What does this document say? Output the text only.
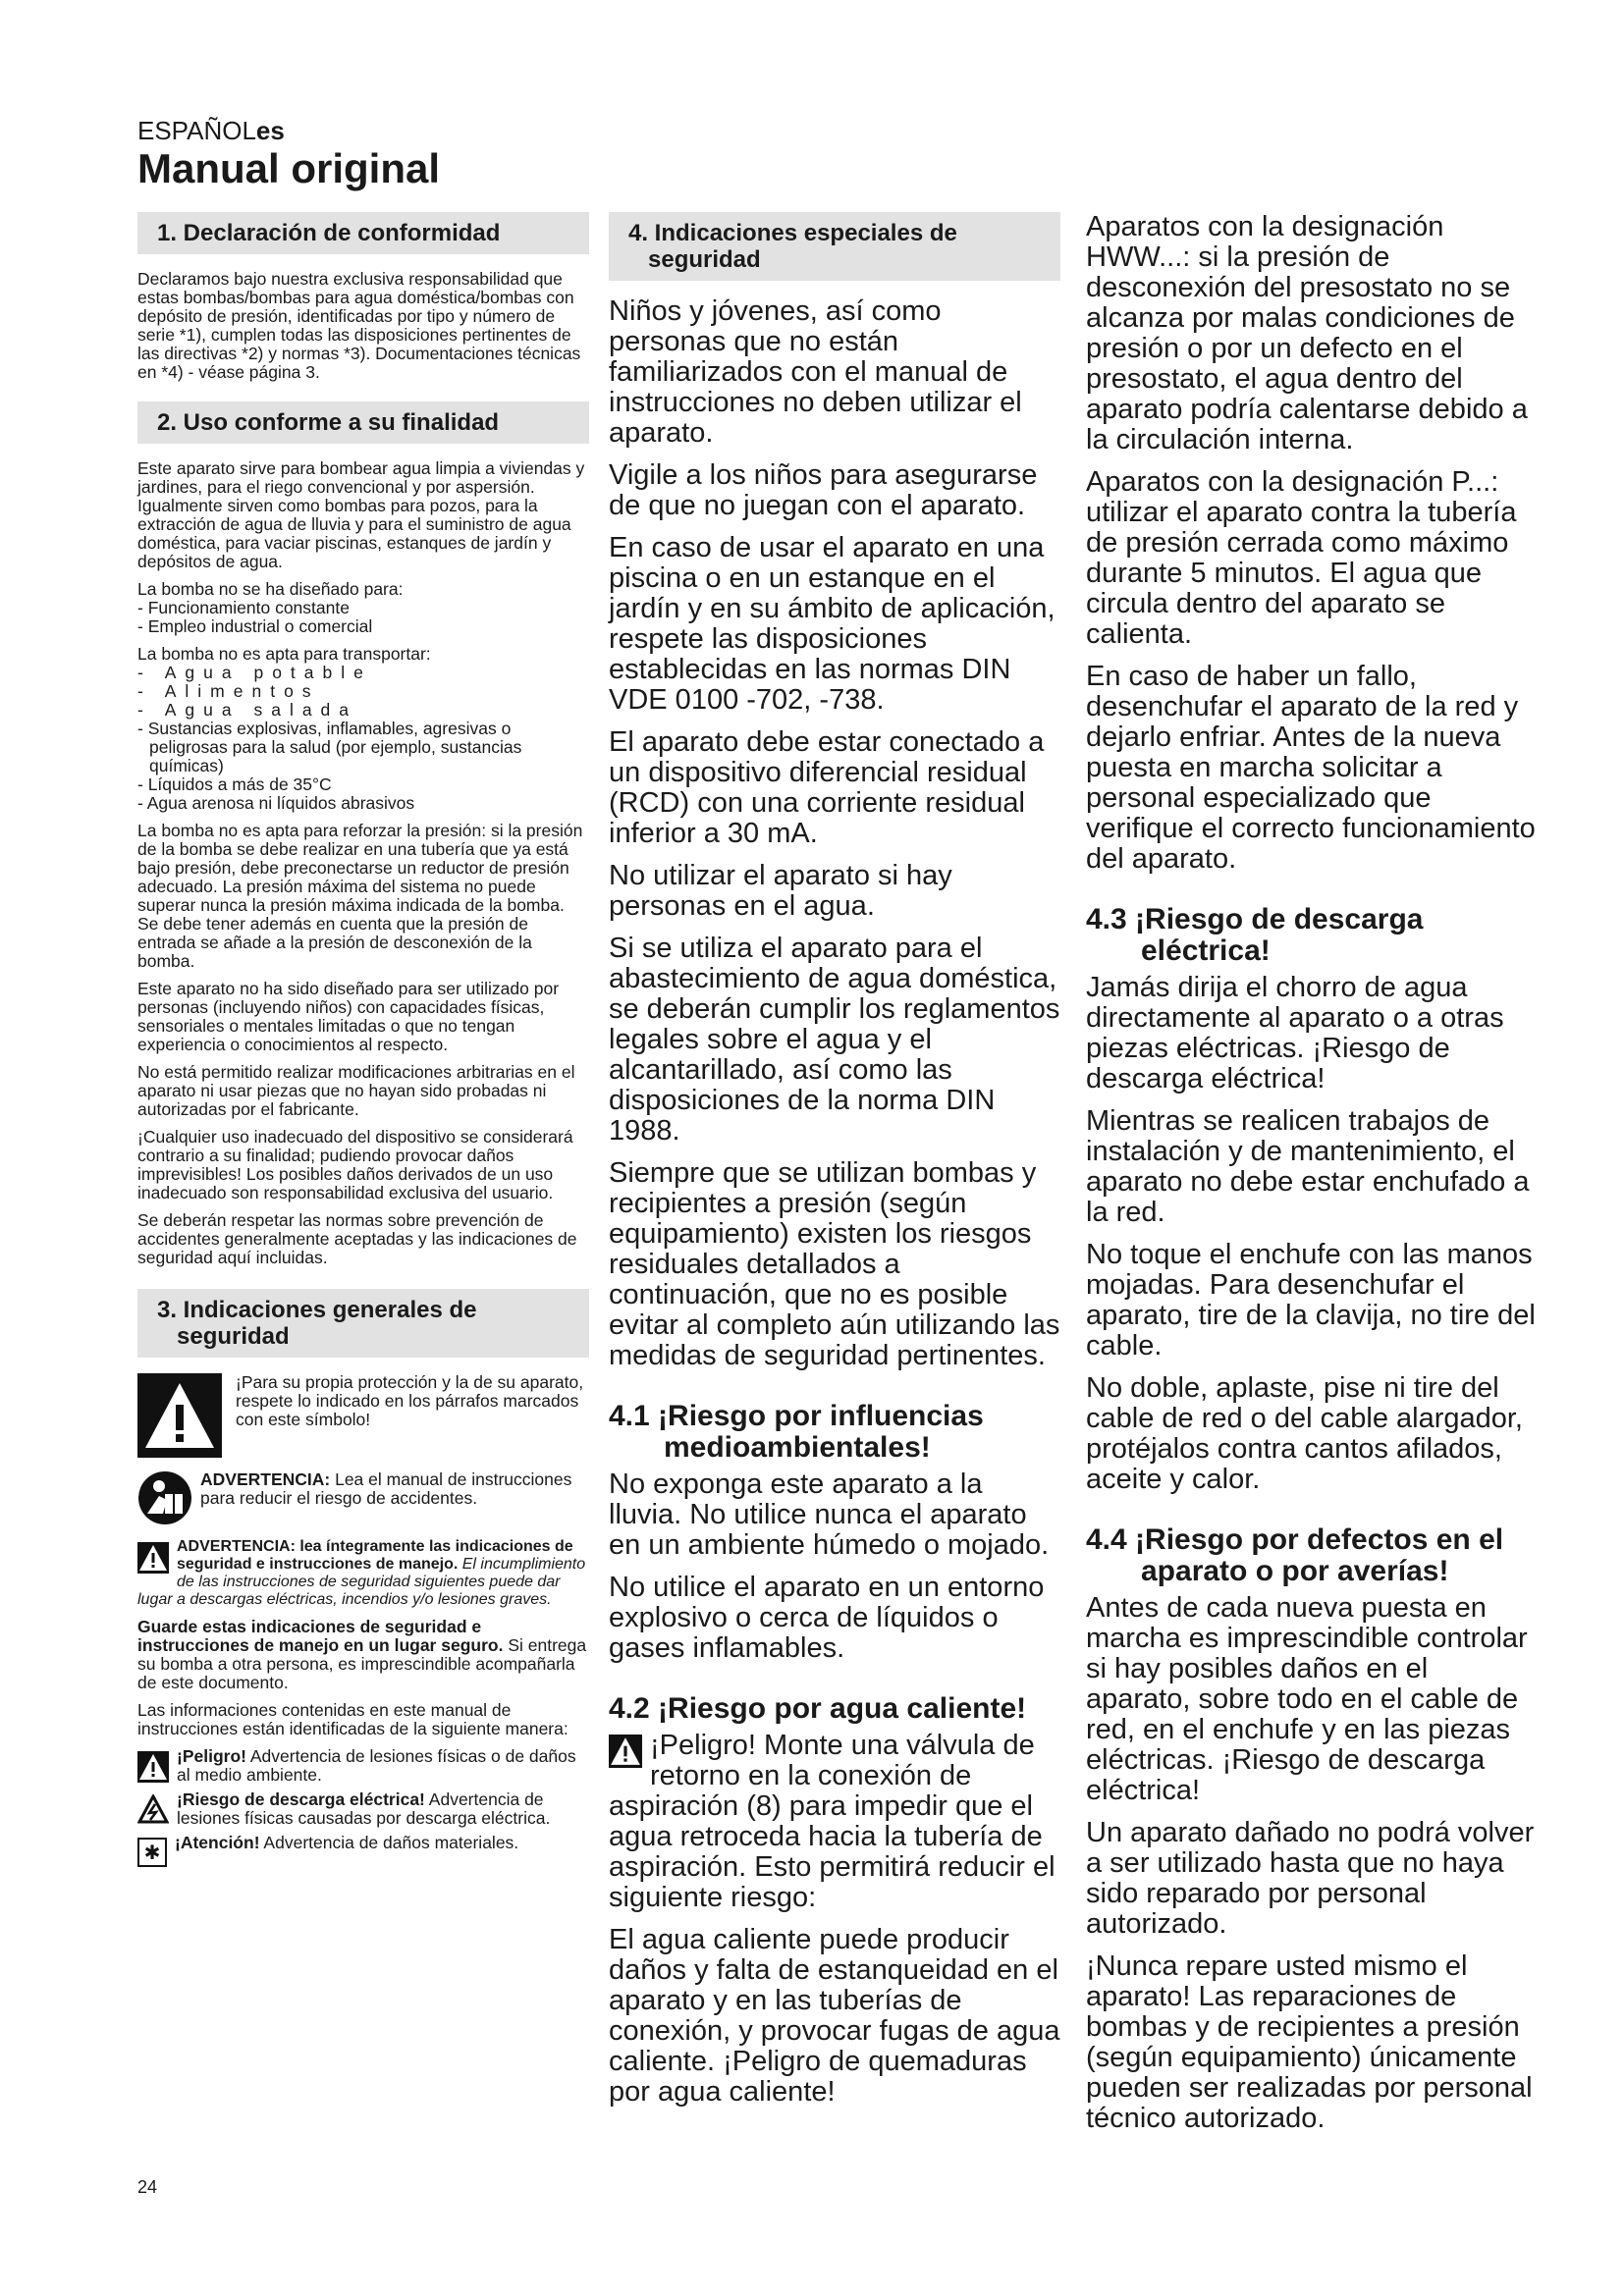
ESPAÑOLes
Manual original
1. Declaración de conformidad

Declaramos bajo nuestra exclusiva responsabilidad que estas bombas/bombas para agua doméstica/bombas con depósito de presión, identificadas por tipo y número de serie *1), cumplen todas las disposiciones pertinentes de las directivas *2) y normas *3). Documentaciones técnicas en *4) - véase página 3.

2. Uso conforme a su finalidad

Este aparato sirve para bombear agua limpia a viviendas y jardines, para el riego convencional y por aspersión. Igualmente sirven como bombas para pozos, para la extracción de agua de lluvia y para el suministro de agua doméstica, para vaciar piscinas, estanques de jardín y depósitos de agua.

La bomba no se ha diseñado para:

- Funcionamiento constante
- Empleo industrial o comercial

La bomba no es apta para transportar:

- Agua potable
- Alimentos
- Agua salada
- Sustancias explosivas, inflamables, agresivas o peligrosas para la salud (por ejemplo, sustancias químicas)
- Líquidos a más de 35°C
- Agua arenosa ni líquidos abrasivos

La bomba no es apta para reforzar la presión: si la presión de la bomba se debe realizar en una tubería que ya está bajo presión, debe preconectarse un reductor de presión adecuado. La presión máxima del sistema no puede superar nunca la presión máxima indicada de la bomba. Se debe tener además en cuenta que la presión de entrada se añade a la presión de desconexión de la bomba.

Este aparato no ha sido diseñado para ser utilizado por personas (incluyendo niños) con capacidades físicas, sensoriales o mentales limitadas o que no tengan experiencia o conocimientos al respecto.

No está permitido realizar modificaciones arbitrarias en el aparato ni usar piezas que no hayan sido probadas ni autorizadas por el fabricante.

¡Cualquier uso inadecuado del dispositivo se considerará contrario a su finalidad; pudiendo provocar daños imprevisibles! Los posibles daños derivados de un uso inadecuado son responsabilidad exclusiva del usuario.

Se deberán respetar las normas sobre prevención de accidentes generalmente aceptadas y las indicaciones de seguridad aquí incluidas.

3. Indicaciones generales de seguridad
¡Para su propia protección y la de su aparato, respete lo indicado en los párrafos marcados con este símbolo!
ADVERTENCIA: Lea el manual de instrucciones para reducir el riesgo de accidentes.
ADVERTENCIA: lea íntegramente las indicaciones de seguridad e instrucciones de manejo. El incumplimiento de las instrucciones de seguridad siguientes puede dar lugar a descargas eléctricas, incendios y/o lesiones graves.

Guarde estas indicaciones de seguridad e instrucciones de manejo en un lugar seguro. Si entrega su bomba a otra persona, es imprescindible acompañarla de este documento.

Las informaciones contenidas en este manual de instrucciones están identificadas de la siguiente manera:

¡Peligro! Advertencia de lesiones físicas o de daños al medio ambiente.
¡Riesgo de descarga eléctrica! Advertencia de lesiones físicas causadas por descarga eléctrica.
✱ ¡Atención! Advertencia de daños materiales.
4. Indicaciones especiales de seguridad

Niños y jóvenes, así como personas que no están familiarizados con el manual de instrucciones no deben utilizar el aparato.

Vigile a los niños para asegurarse de que no juegan con el aparato.

En caso de usar el aparato en una piscina o en un estanque en el jardín y en su ámbito de aplicación, respete las disposiciones establecidas en las normas DIN VDE 0100 -702, -738.

El aparato debe estar conectado a un dispositivo diferencial residual (RCD) con una corriente residual inferior a 30 mA.

No utilizar el aparato si hay personas en el agua.

Si se utiliza el aparato para el abastecimiento de agua doméstica, se deberán cumplir los reglamentos legales sobre el agua y el alcantarillado, así como las disposiciones de la norma DIN 1988.

Siempre que se utilizan bombas y recipientes a presión (según equipamiento) existen los riesgos residuales detallados a continuación, que no es posible evitar al completo aún utilizando las medidas de seguridad pertinentes.

4.1 ¡Riesgo por influencias medioambientales!

No exponga este aparato a la lluvia. No utilice nunca el aparato en un ambiente húmedo o mojado.

No utilice el aparato en un entorno explosivo o cerca de líquidos o gases inflamables.

4.2 ¡Riesgo por agua caliente!

¡Peligro! Monte una válvula de retorno en la conexión de aspiración (8) para impedir que el agua retroceda hacia la tubería de aspiración. Esto permitirá reducir el siguiente riesgo:

El agua caliente puede producir daños y falta de estanqueidad en el aparato y en las tuberías de conexión, y provocar fugas de agua caliente. ¡Peligro de quemaduras por agua caliente!

Aparatos con la designación HWW...: si la presión de desconexión del presostato no se alcanza por malas condiciones de presión o por un defecto en el presostato, el agua dentro del aparato podría calentarse debido a la circulación interna.

Aparatos con la designación P...: utilizar el aparato contra la tubería de presión cerrada como máximo durante 5 minutos. El agua que circula dentro del aparato se calienta.

En caso de haber un fallo, desenchufar el aparato de la red y dejarlo enfriar. Antes de la nueva puesta en marcha solicitar a personal especializado que verifique el correcto funcionamiento del aparato.

4.3 ¡Riesgo de descarga eléctrica!

Jamás dirija el chorro de agua directamente al aparato o a otras piezas eléctricas. ¡Riesgo de descarga eléctrica!

Mientras se realicen trabajos de instalación y de mantenimiento, el aparato no debe estar enchufado a la red.

No toque el enchufe con las manos mojadas. Para desenchufar el aparato, tire de la clavija, no tire del cable.

No doble, aplaste, pise ni tire del cable de red o del cable alargador, protéjalos contra cantos afilados, aceite y calor.

4.4 ¡Riesgo por defectos en el aparato o por averías!

Antes de cada nueva puesta en marcha es imprescindible controlar si hay posibles daños en el aparato, sobre todo en el cable de red, en el enchufe y en las piezas eléctricas. ¡Riesgo de descarga eléctrica!

Un aparato dañado no podrá volver a ser utilizado hasta que no haya sido reparado por personal autorizado.

¡Nunca repare usted mismo el aparato! Las reparaciones de bombas y de recipientes a presión (según equipamiento) únicamente pueden ser realizadas por personal técnico autorizado.

24
